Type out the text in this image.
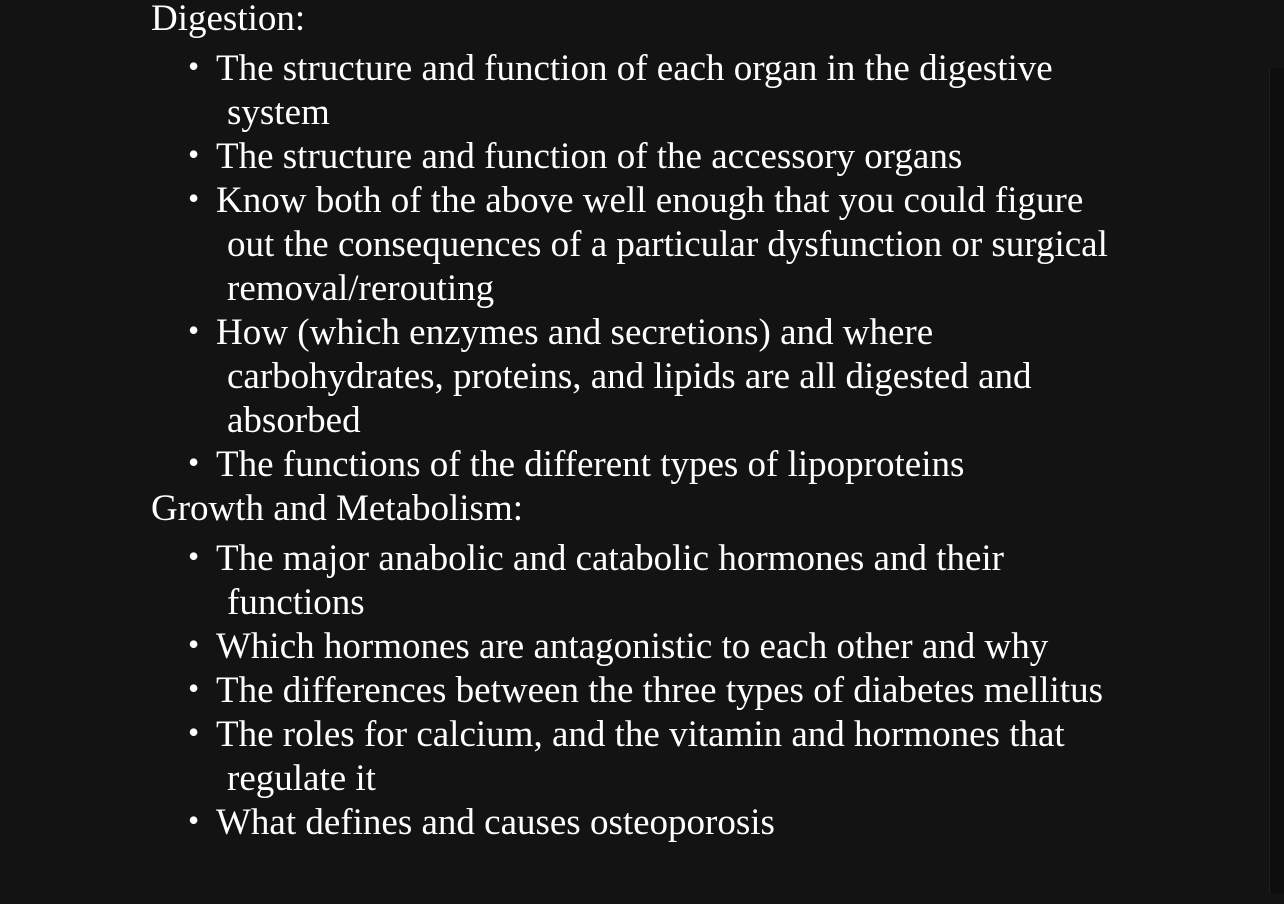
Digestion:
• The structure and function of each organ in the digestive
system
• The structure and function of the accessory organs
• Know both of the above well enough that you could figure
out the consequences of a particular dysfunction or surgical
removal/rerouting
• How (which enzymes and secretions) and where
carbohydrates, proteins, and lipids are all digested and
absorbed
• The functions of the different types of lipoproteins
Growth and Metabolism:
• The major anabolic and catabolic hormones and their
functions
• Which hormones are antagonistic to each other and why
• The differences between the three types of diabetes mellitus
• The roles for calcium, and the vitamin and hormones that
regulate it
• What defines and causes osteoporosis
